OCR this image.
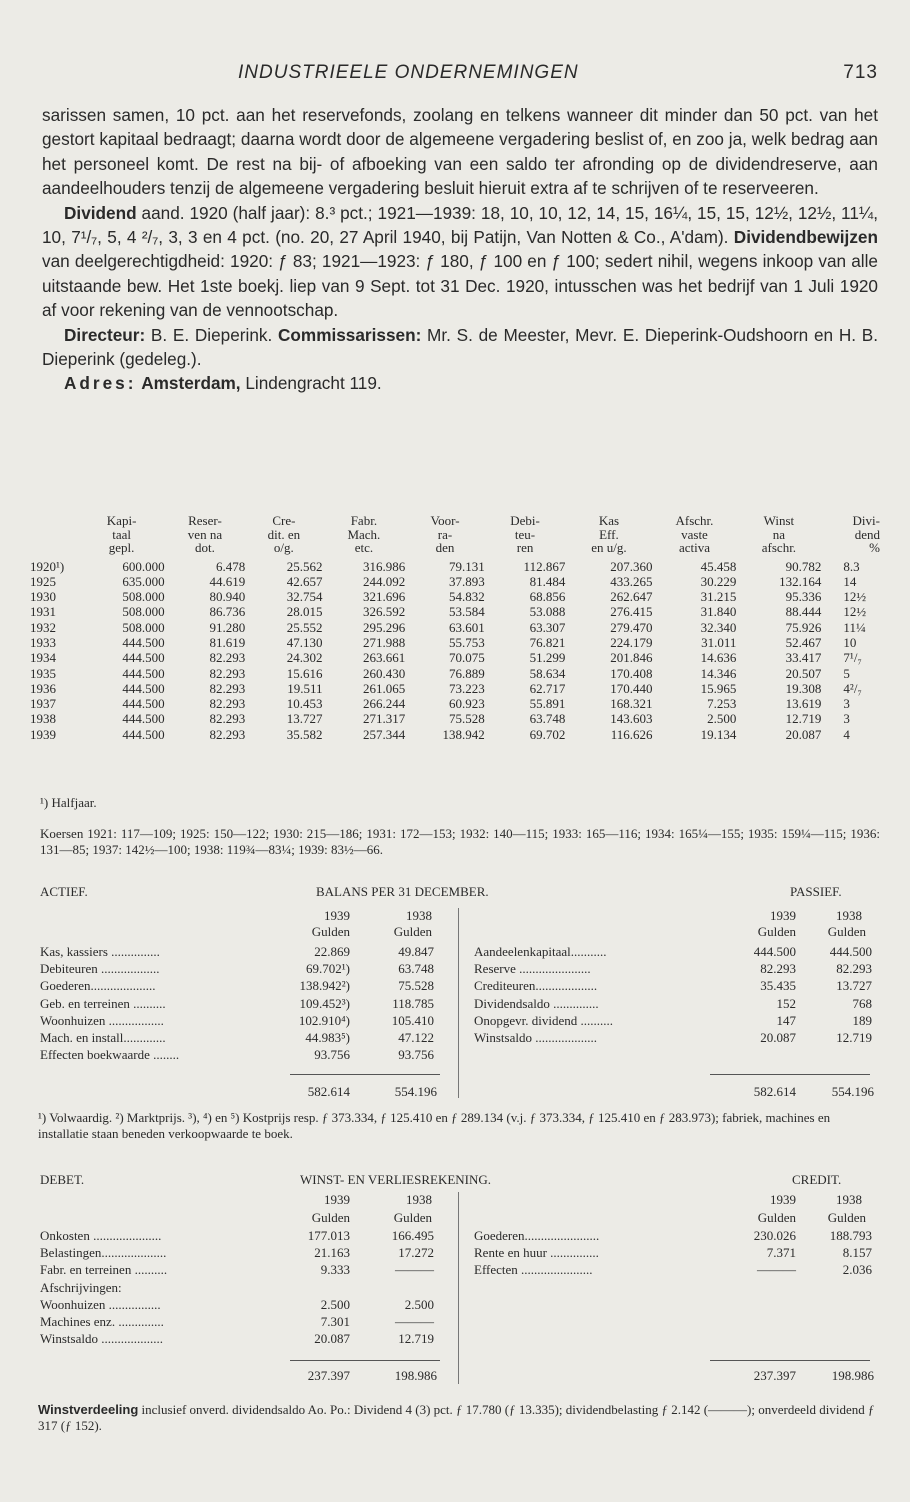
INDUSTRIEELE ONDERNEMINGEN	713

sarissen samen, 10 pct. aan het reservefonds, zoolang en telkens wanneer dit minder dan 50 pct. van het gestort kapitaal bedraagt; daarna wordt door de algemeene vergadering beslist of, en zoo ja, welk bedrag aan het personeel komt. De rest na bij- of afboeking van een saldo ter afronding op de dividendreserve, aan aandeelhouders tenzij de algemeene vergadering besluit hieruit extra af te schrijven of te reserveeren.

Dividend aand. 1920 (half jaar): 8.³ pct.; 1921—1939: 18, 10, 10, 12, 14, 15, 16¼, 15, 15, 12½, 12½, 11¼, 10, 7¹/₇, 5, 4 ²/₇, 3, 3 en 4 pct. (no. 20, 27 April 1940, bij Patijn, Van Notten & Co., A'dam). Dividendbewijzen van deelgerechtigdheid: 1920: ƒ 83; 1921—1923: ƒ 180, ƒ 100 en ƒ 100; sedert nihil, wegens inkoop van alle uitstaande bew. Het 1ste boekj. liep van 9 Sept. tot 31 Dec. 1920, intusschen was het bedrijf van 1 Juli 1920 af voor rekening van de vennootschap.

Directeur: B. E. Dieperink. Commissarissen: Mr. S. de Meester, Mevr. E. Dieperink-Oudshoorn en H. B. Dieperink (gedeleg.).

Adres: Amsterdam, Lindengracht 119.

	Kapi-	Reser-	Cre-	Fabr.	Voor-	Debi-	Kas	Afschr.	Winst	Divi-
	taal	ven na	dit. en	Mach.	ra-	teu-	Eff.	vaste	na	dend
	gepl.	dot.	o/g.	etc.	den	ren	en u/g.	activa	afschr.	%
1920¹)	600.000	6.478	25.562	316.986	79.131	112.867	207.360	45.458	90.782	8.3
1925	635.000	44.619	42.657	244.092	37.893	81.484	433.265	30.229	132.164	14
1930	508.000	80.940	32.754	321.696	54.832	68.856	262.647	31.215	95.336	12½
1931	508.000	86.736	28.015	326.592	53.584	53.088	276.415	31.840	88.444	12½
1932	508.000	91.280	25.552	295.296	63.601	63.307	279.470	32.340	75.926	11¼
1933	444.500	81.619	47.130	271.988	55.753	76.821	224.179	31.011	52.467	10
1934	444.500	82.293	24.302	263.661	70.075	51.299	201.846	14.636	33.417	7¹/₇
1935	444.500	82.293	15.616	260.430	76.889	58.634	170.408	14.346	20.507	5
1936	444.500	82.293	19.511	261.065	73.223	62.717	170.440	15.965	19.308	4²/₇
1937	444.500	82.293	10.453	266.244	60.923	55.891	168.321	7.253	13.619	3
1938	444.500	82.293	13.727	271.317	75.528	63.748	143.603	2.500	12.719	3
1939	444.500	82.293	35.582	257.344	138.942	69.702	116.626	19.134	20.087	4
¹) Halfjaar.
Koersen 1921: 117—109; 1925: 150—122; 1930: 215—186; 1931: 172—153; 1932: 140—115; 1933: 165—116; 1934: 165¼—155; 1935: 159¼—115; 1936: 131—85; 1937: 142½—100; 1938: 119¾—83¼; 1939: 83½—66.
ACTIEF.	BALANS PER 31 DECEMBER.	PASSIEF.
1939	1938
Gulden	Gulden
1939	1938
Gulden	Gulden
Kas, kassiers ...............	22.869	49.847
Debiteuren ..................	69.702¹)	63.748
Goederen....................	138.942²)	75.528
Geb. en terreinen ..........	109.452³)	118.785
Woonhuizen .................	102.910⁴)	105.410
Mach. en install.............	44.983⁵)	47.122
Effecten boekwaarde ........	93.756	93.756
Aandeelenkapitaal...........	444.500	444.500
Reserve ......................	82.293	82.293
Crediteuren...................	35.435	13.727
Dividendsaldo ..............	152	768
Onopgevr. dividend ..........	147	189
Winstsaldo ...................	20.087	12.719
582.614	554.196	582.614	554.196
¹) Volwaardig. ²) Marktprijs. ³), ⁴) en ⁵) Kostprijs resp. ƒ 373.334, ƒ 125.410 en ƒ 289.134 (v.j. ƒ 373.334, ƒ 125.410 en ƒ 283.973); fabriek, machines en installatie staan beneden verkoopwaarde te boek.
DEBET.	WINST- EN VERLIESREKENING.	CREDIT.
1939	1938
Gulden	Gulden
1939	1938
Gulden	Gulden
Onkosten .....................	177.013	166.495
Belastingen....................	21.163	17.272
Fabr. en terreinen ..........	9.333	———
Afschrijvingen:
Woonhuizen ................	2.500	2.500
Machines enz. ..............	7.301	———
Winstsaldo ...................	20.087	12.719
Goederen.......................	230.026	188.793
Rente en huur ...............	7.371	8.157
Effecten ......................	———	2.036
237.397	198.986	237.397	198.986
Winstverdeeling inclusief onverd. dividendsaldo Ao. Po.: Dividend 4 (3) pct. ƒ 17.780 (ƒ 13.335); dividendbelasting ƒ 2.142 (———); onverdeeld dividend ƒ 317 (ƒ 152).
